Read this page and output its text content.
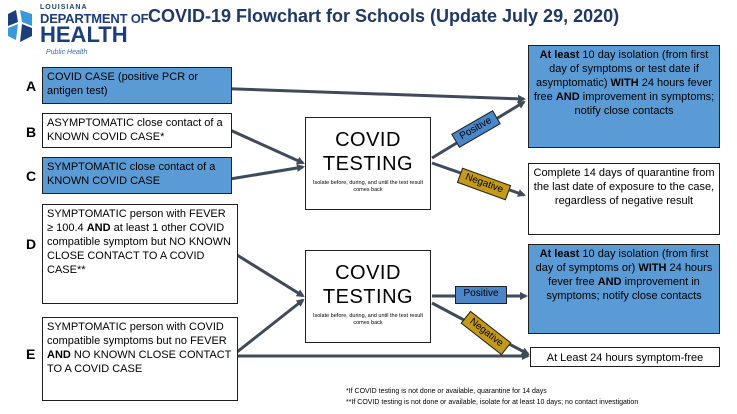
LOUISIANA
DEPARTMENT OF
HEALTH
Public Health
COVID-19 Flowchart for Schools (Update July 29, 2020)
A
B
C
D
E
COVID CASE (positive PCR or antigen test)
ASYMPTOMATIC close contact of a KNOWN COVID CASE*
SYMPTOMATIC close contact of a KNOWN COVID CASE
SYMPTOMATIC person with FEVER ≥ 100.4 AND at least 1 other COVID compatible symptom but NO KNOWN CLOSE CONTACT TO A COVID CASE**
SYMPTOMATIC person with COVID compatible symptoms but no FEVER AND NO KNOWN CLOSE CONTACT TO A COVID CASE
COVID
TESTING
Isolate before, during, and until the test result comes back
COVID
TESTING
Isolate before, during, and until the test result comes back
Positive
Negative
Positive
Negative
At least 10 day isolation (from first day of symptoms or test date if asymptomatic) WITH 24 hours fever free AND improvement in symptoms; notify close contacts
Complete 14 days of quarantine from the last date of exposure to the case, regardless of negative result
At least 10 day isolation (from first day of symptoms or) WITH 24 hours fever free AND improvement in symptoms; notify close contacts
At Least 24 hours symptom-free
*If COVID testing is not done or available, quarantine for 14 days
**If COVID testing is not done or available, isolate for at least 10 days; no contact investigation
